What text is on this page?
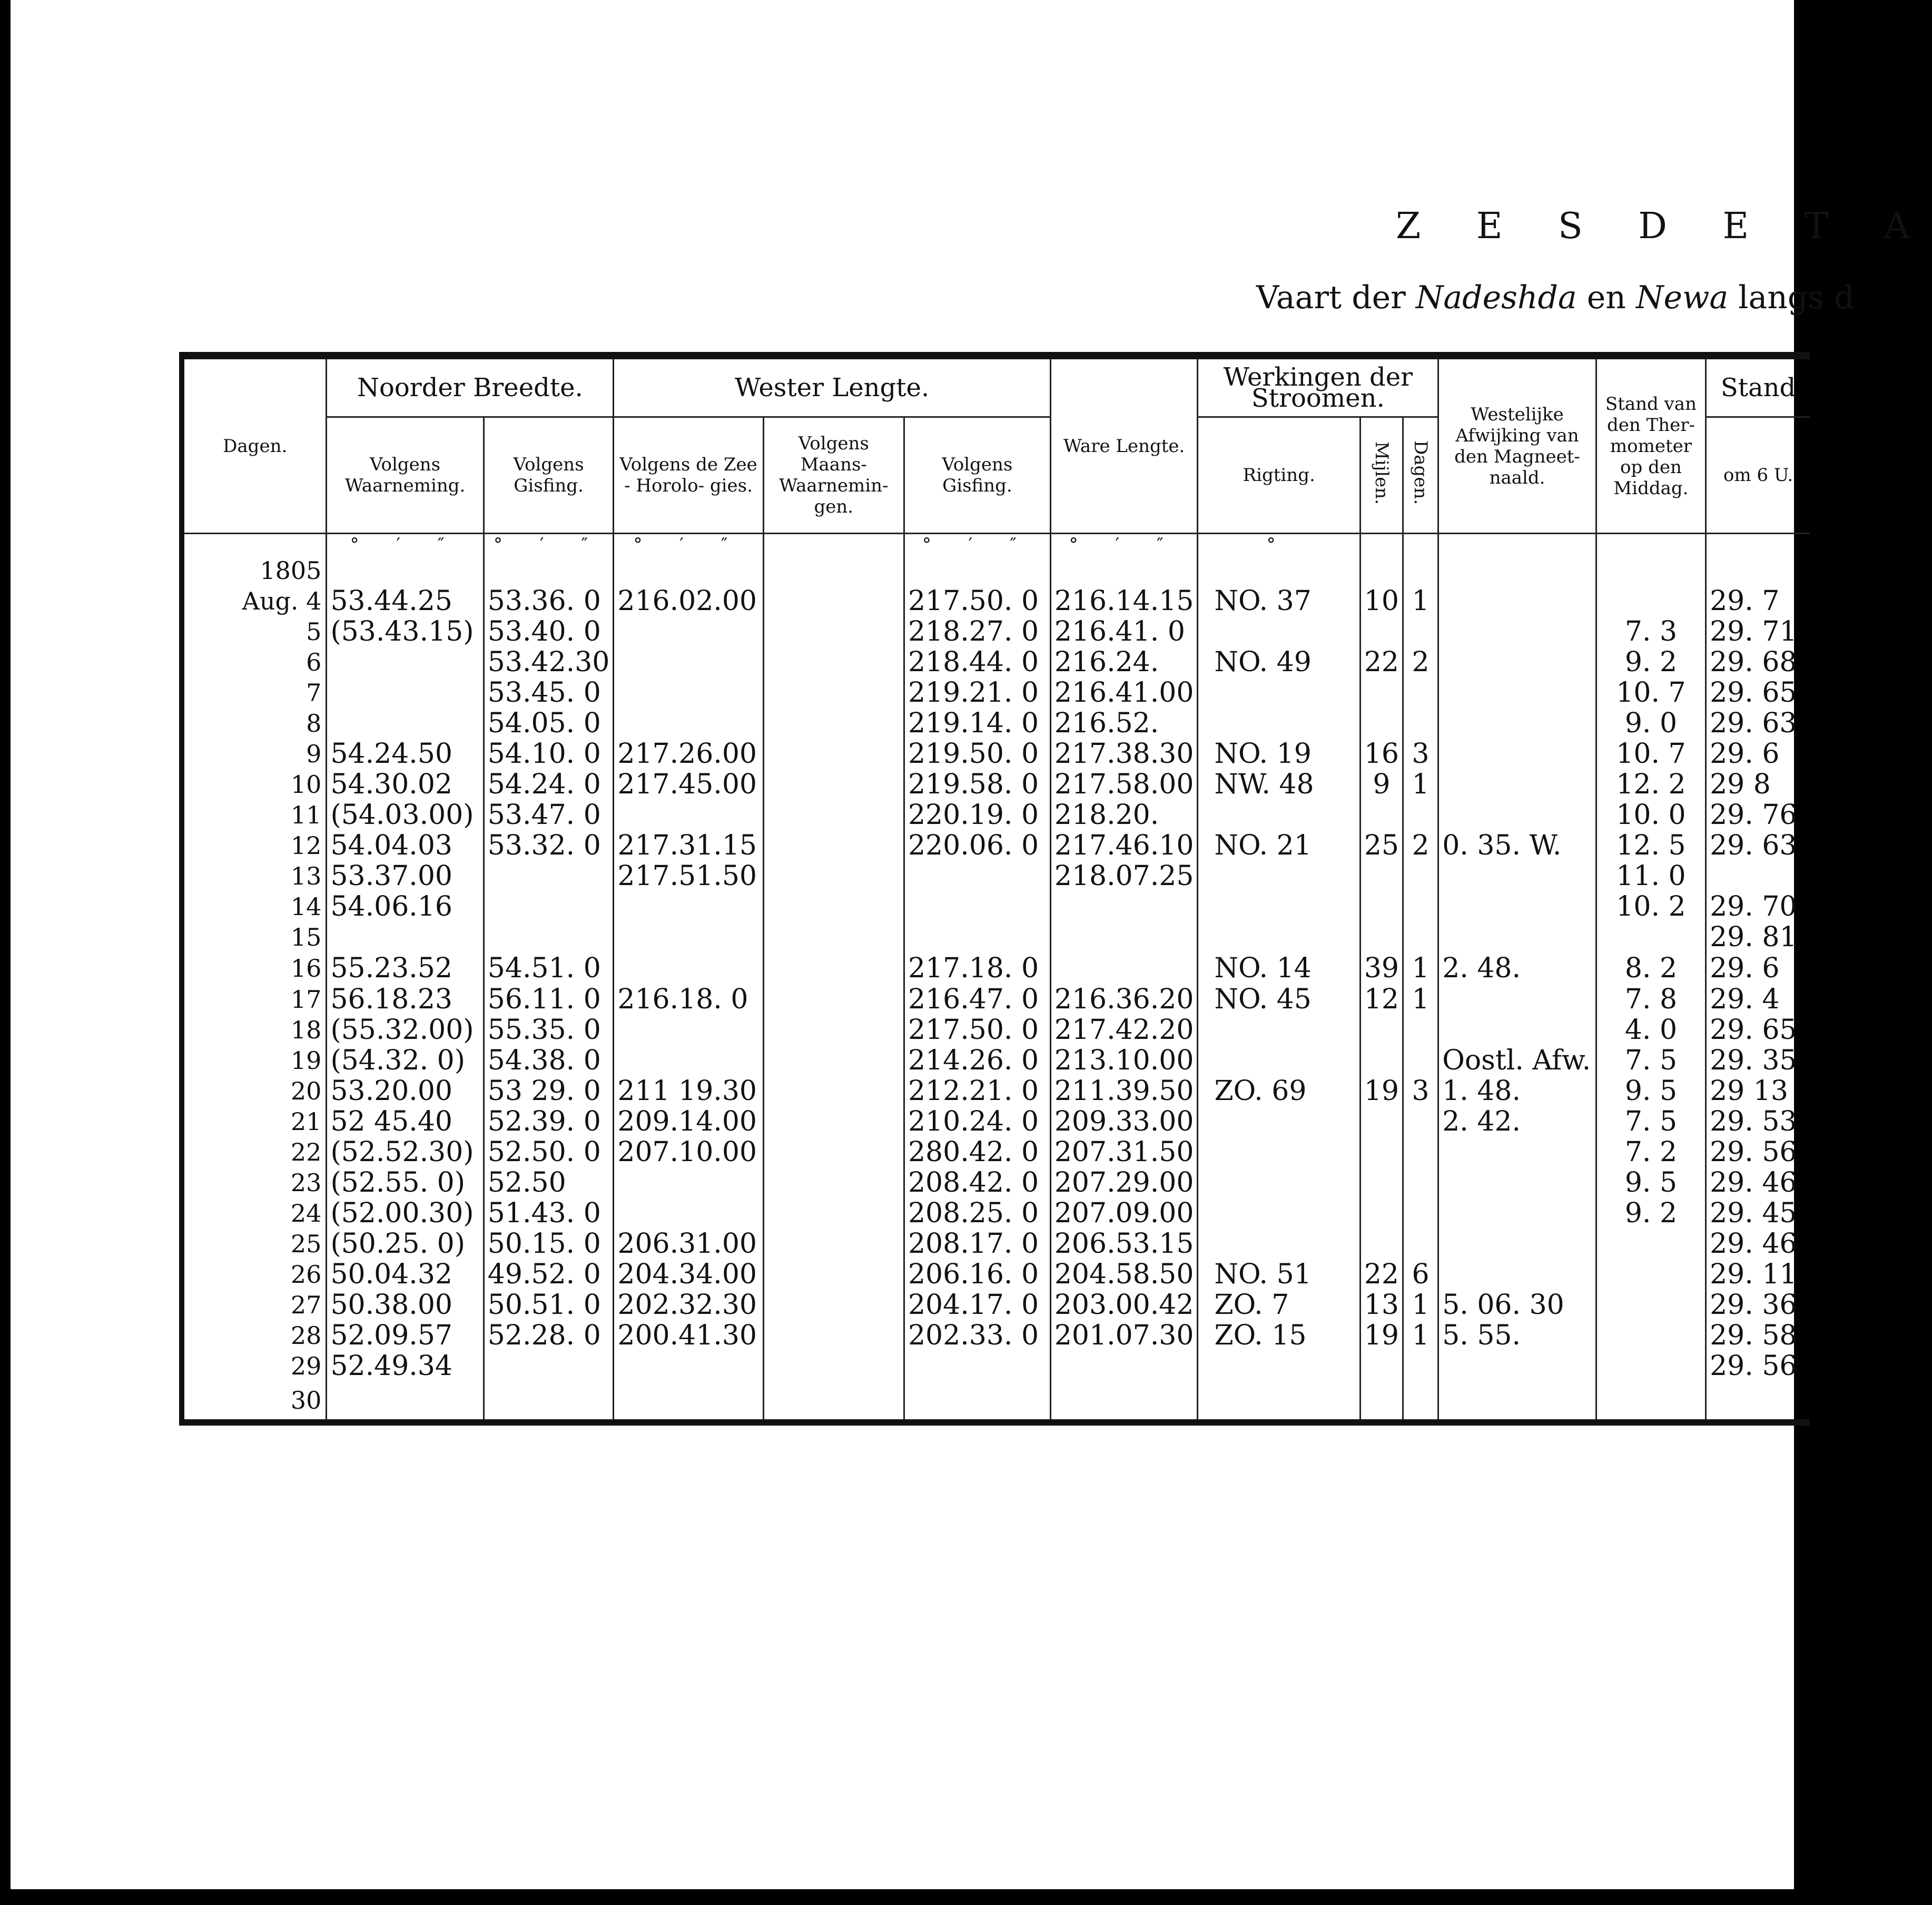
Z E S D E T A
Vaart der Nadeshda en Newa langs d
Dagen.	Noorder Breedte.		Wester Lengte.			Ware Lengte.	Werkingen der Stroomen.			Westelijke Afwijking van den Magneet- naald.	Stand van den Ther- mometer op den Middag.	Stand
	Volgens Waarneming.	Volgens Gisfing.	Volgens de Zee - Horolo- gies.	Volgens Maans- Waarnemin- gen.	Volgens Gisfing.		Rigting.	Mijlen.	Dagen.			om 6 U.
	° ′ ″	° ′ ″	° ′ ″		° ′ ″	° ′ ″	°					
1805												
Aug. 4	53.44.25	53.36. 0	216.02.00		217.50. 0	216.14.15	NO. 37	10	1			29. 7
5	(53.43.15)	53.40. 0			218.27. 0	216.41. 0					7. 3	29. 71
6		53.42.30			218.44. 0	216.24.	NO. 49	22	2		9. 2	29. 68
7		53.45. 0			219.21. 0	216.41.00					10. 7	29. 65
8		54.05. 0			219.14. 0	216.52.					9. 0	29. 63
9	54.24.50	54.10. 0	217.26.00		219.50. 0	217.38.30	NO. 19	16	3		10. 7	29. 6
10	54.30.02	54.24. 0	217.45.00		219.58. 0	217.58.00	NW. 48	9	1		12. 2	29 8
11	(54.03.00)	53.47. 0			220.19. 0	218.20.					10. 0	29. 76
12	54.04.03	53.32. 0	217.31.15		220.06. 0	217.46.10	NO. 21	25	2	0. 35. W.	12. 5	29. 63
13	53.37.00		217.51.50			218.07.25					11. 0	
14	54.06.16										10. 2	29. 70
15												29. 81
16	55.23.52	54.51. 0			217.18. 0		NO. 14	39	1	2. 48.	8. 2	29. 6
17	56.18.23	56.11. 0	216.18. 0		216.47. 0	216.36.20	NO. 45	12	1		7. 8	29. 4
18	(55.32.00)	55.35. 0			217.50. 0	217.42.20					4. 0	29. 65
19	(54.32. 0)	54.38. 0			214.26. 0	213.10.00				Oostl. Afw.	7. 5	29. 35
20	53.20.00	53 29. 0	211 19.30		212.21. 0	211.39.50	ZO. 69	19	3	1. 48.	9. 5	29 13
21	52 45.40	52.39. 0	209.14.00		210.24. 0	209.33.00				2. 42.	7. 5	29. 53
22	(52.52.30)	52.50. 0	207.10.00		280.42. 0	207.31.50					7. 2	29. 56
23	(52.55. 0)	52.50			208.42. 0	207.29.00					9. 5	29. 46
24	(52.00.30)	51.43. 0			208.25. 0	207.09.00					9. 2	29. 45
25	(50.25. 0)	50.15. 0	206.31.00		208.17. 0	206.53.15						29. 46
26	50.04.32	49.52. 0	204.34.00		206.16. 0	204.58.50	NO. 51	22	6			29. 11
27	50.38.00	50.51. 0	202.32.30		204.17. 0	203.00.42	ZO. 7	13	1	5. 06. 30		29. 36
28	52.09.57	52.28. 0	200.41.30		202.33. 0	201.07.30	ZO. 15	19	1	5. 55.		29. 58
29	52.49.34											29. 56
30												
